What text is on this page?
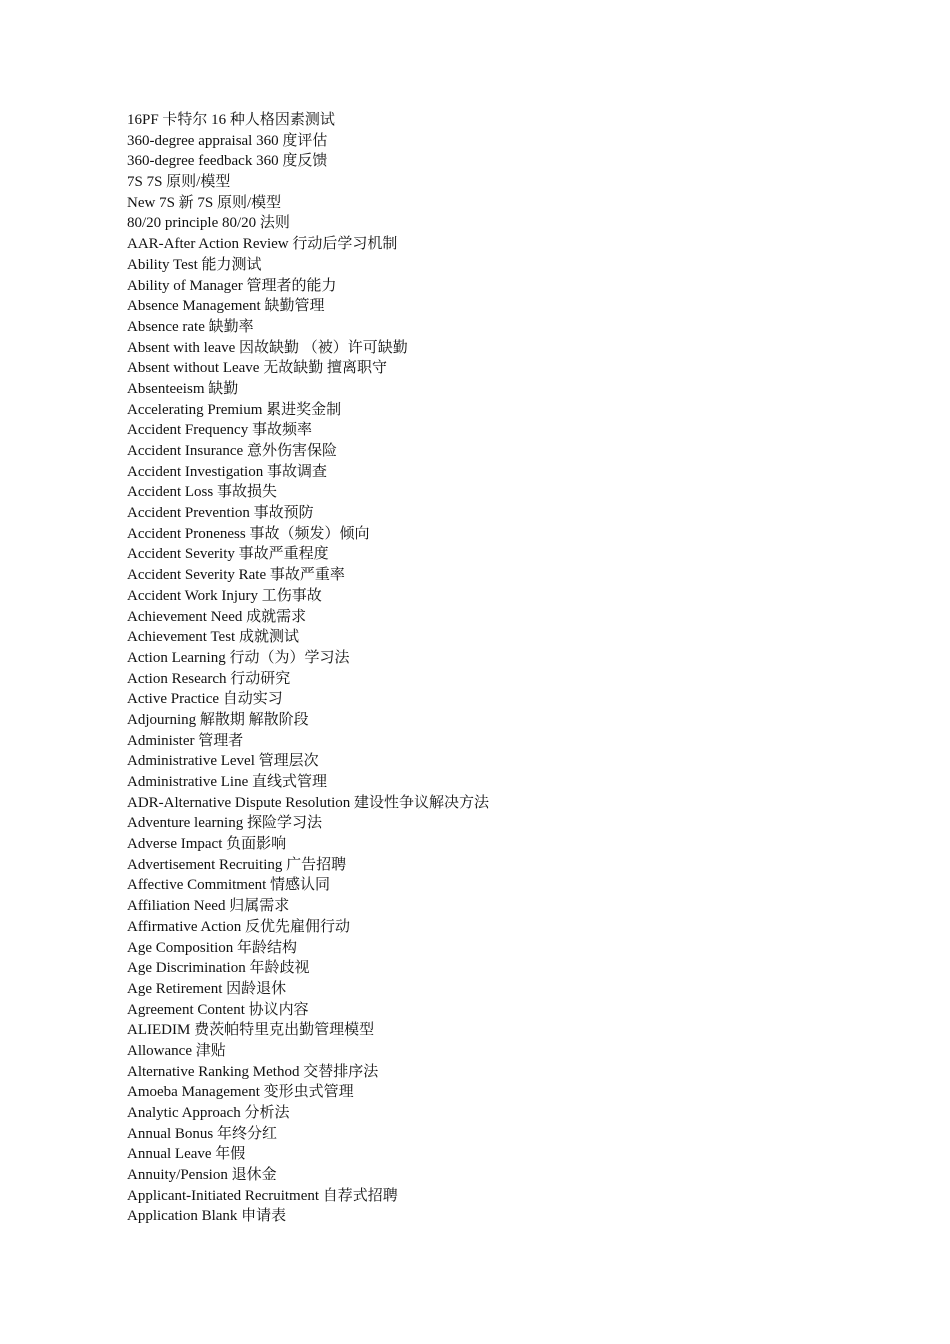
16PF 卡特尔 16 种人格因素测试
360-degree appraisal 360 度评估
360-degree feedback 360 度反馈
7S 7S 原则/模型
New 7S 新 7S 原则/模型
80/20 principle 80/20 法则
AAR-After Action Review 行动后学习机制
Ability Test 能力测试
Ability of Manager 管理者的能力
Absence Management 缺勤管理
Absence rate 缺勤率
Absent with leave 因故缺勤 （被）许可缺勤
Absent without Leave 无故缺勤 擅离职守
Absenteeism 缺勤
Accelerating Premium 累进奖金制
Accident Frequency 事故频率
Accident Insurance 意外伤害保险
Accident Investigation 事故调查
Accident Loss 事故损失
Accident Prevention 事故预防
Accident Proneness 事故（频发）倾向
Accident Severity 事故严重程度
Accident Severity Rate 事故严重率
Accident Work Injury 工伤事故
Achievement Need 成就需求
Achievement Test 成就测试
Action Learning 行动（为）学习法
Action Research 行动研究
Active Practice 自动实习
Adjourning 解散期 解散阶段
Administer 管理者
Administrative Level 管理层次
Administrative Line 直线式管理
ADR-Alternative Dispute Resolution 建设性争议解决方法
Adventure learning 探险学习法
Adverse Impact 负面影响
Advertisement Recruiting 广告招聘
Affective Commitment 情感认同
Affiliation Need 归属需求
Affirmative Action 反优先雇佣行动
Age Composition 年龄结构
Age Discrimination 年龄歧视
Age Retirement 因龄退休
Agreement Content 协议内容
ALIEDIM 费茨帕特里克出勤管理模型
Allowance 津贴
Alternative Ranking Method 交替排序法
Amoeba Management 变形虫式管理
Analytic Approach 分析法
Annual Bonus 年终分红
Annual Leave 年假
Annuity/Pension 退休金
Applicant-Initiated Recruitment 自荐式招聘
Application Blank 申请表
